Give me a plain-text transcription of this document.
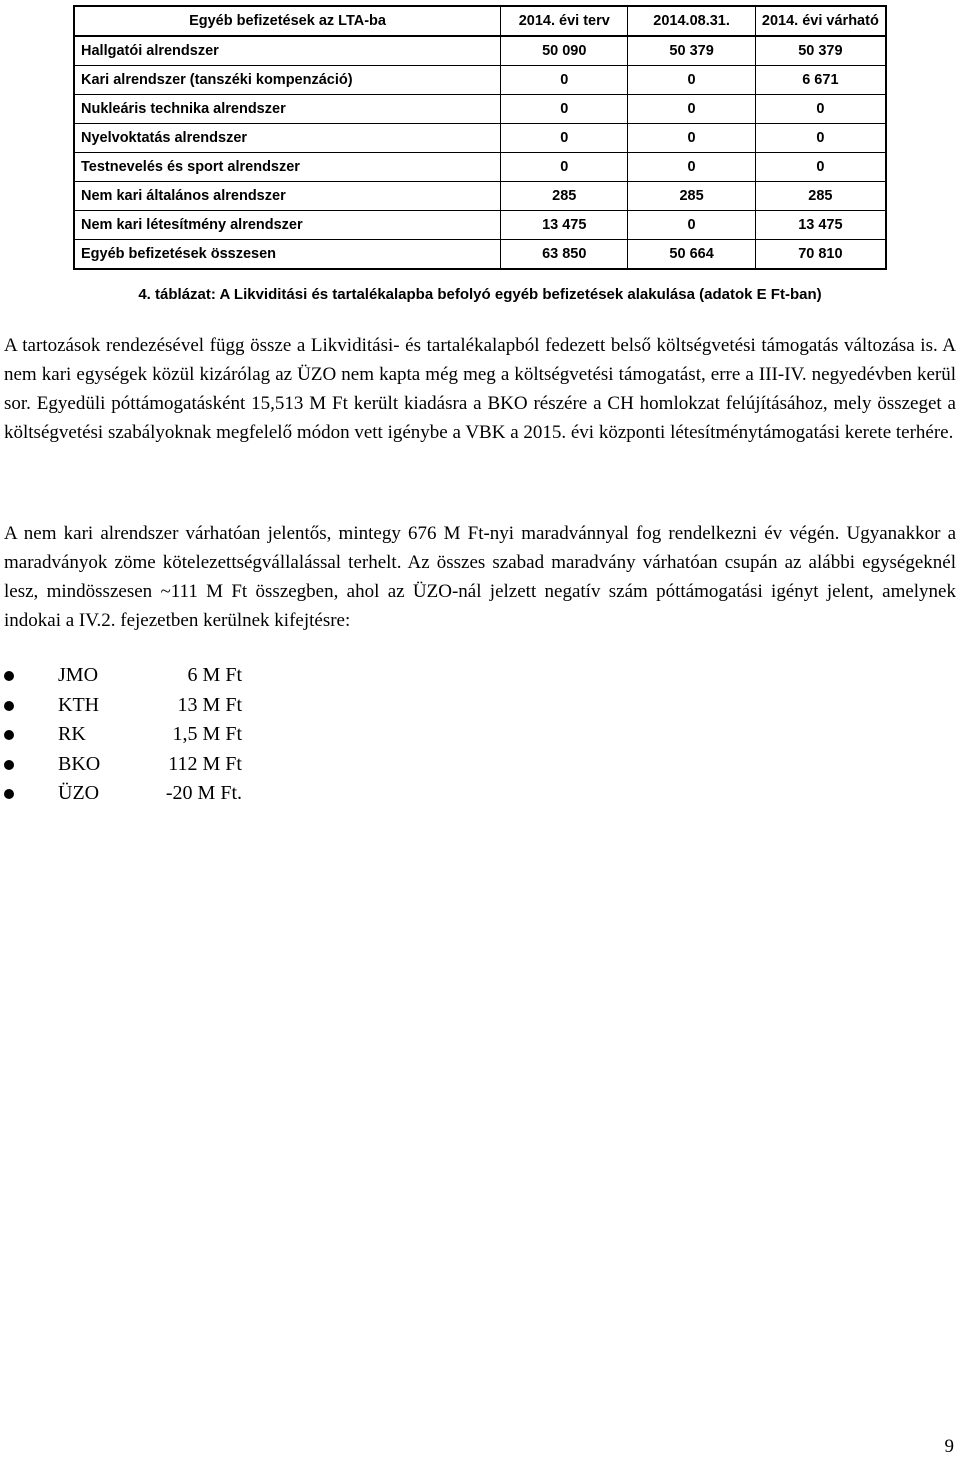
Egyéb befizetések az LTA-ba	2014. évi terv	2014.08.31.	2014. évi várható
Hallgatói alrendszer	50 090	50 379	50 379
Kari alrendszer (tanszéki kompenzáció)	0	0	6 671
Nukleáris technika alrendszer	0	0	0
Nyelvoktatás alrendszer	0	0	0
Testnevelés és sport alrendszer	0	0	0
Nem kari általános alrendszer	285	285	285
Nem kari létesítmény alrendszer	13 475	0	13 475
Egyéb befizetések összesen	63 850	50 664	70 810
4. táblázat: A Likviditási és tartalékalapba befolyó egyéb befizetések alakulása (adatok E Ft-ban)
A tartozások rendezésével függ össze a Likviditási- és tartalékalapból fedezett belső költségvetési támogatás változása is. A nem kari egységek közül kizárólag az ÜZO nem kapta még meg a költségvetési támogatást, erre a III-IV. negyedévben kerül sor. Egyedüli póttámogatásként 15,513 M Ft került kiadásra a BKO részére a CH homlokzat felújításához, mely összeget a költségvetési szabályoknak megfelelő módon vett igénybe a VBK a 2015. évi központi létesítménytámogatási kerete terhére.
A nem kari alrendszer várhatóan jelentős, mintegy 676 M Ft-nyi maradvánnyal fog rendelkezni év végén. Ugyanakkor a maradványok zöme kötelezettségvállalással terhelt. Az összes szabad maradvány várhatóan csupán az alábbi egységeknél lesz, mindösszesen ~111 M Ft összegben, ahol az ÜZO-nál jelzett negatív szám póttámogatási igényt jelent, amelynek indokai a IV.2. fejezetben kerülnek kifejtésre:
JMO	6 M Ft
KTH	13 M Ft
RK	1,5 M Ft
BKO	112 M Ft
ÜZO	-20 M Ft.
9
